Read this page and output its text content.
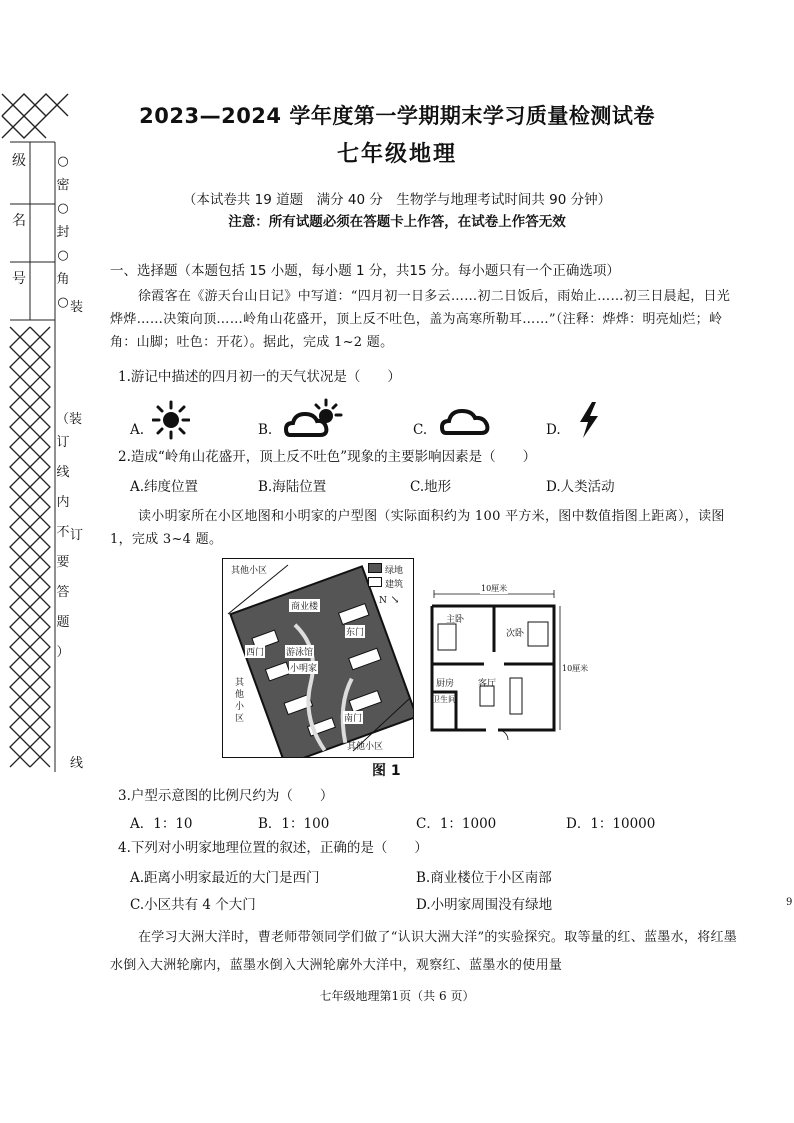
级
名
号
○
密
○
封
○
角
○
（装
订
线
内
不
要
答
题
）
装
订
线
2023—2024 学年度第一学期期末学习质量检测试卷
七年级地理
（本试卷共 19 道题　满分 40 分　生物学与地理考试时间共 90 分钟）
注意：所有试题必须在答题卡上作答，在试卷上作答无效
一、选择题（本题包括 15 小题，每小题 1 分，共15 分。每小题只有一个正确选项）
徐霞客在《游天台山日记》中写道：“四月初一日多云……初二日饭后，雨始止……初三日晨起，日光烨烨……决策向顶……岭角山花盛开，顶上反不吐色，盖为高寒所勒耳……”（注释：烨烨：明亮灿烂；岭角：山脚；吐色：开花）。据此，完成 1~2 题。
1.游记中描述的四月初一的天气状况是（　　）
A.	B.	C.	D.
2.造成“岭角山花盛开，顶上反不吐色”现象的主要影响因素是（　　）
A.纬度位置	B.海陆位置	C.地形	D.人类活动
读小明家所在小区地图和小明家的户型图（实际面积约为 100 平方米，图中数值指图上距离），读图 1，完成 3~4 题。
其他小区
其
他
小
区
其他小区
绿地
建筑
N ↘
商业楼
东门
西门 游泳馆
小明家
南门
10厘米
10厘米
主卧
次卧
厨房	客厅
卫生间
图 1
3.户型示意图的比例尺约为（　　）
A．1：10	B．1：100	C．1：1000	D．1：10000
4.下列对小明家地理位置的叙述，正确的是（　　）
A.距离小明家最近的大门是西门	B.商业楼位于小区南部
C.小区共有 4 个大门	D.小明家周围没有绿地
在学习大洲大洋时，曹老师带领同学们做了“认识大洲大洋”的实验探究。取等量的红、蓝墨水，将红墨水倒入大洲轮廓内，蓝墨水倒入大洲轮廓外大洋中，观察红、蓝墨水的使用量
七年级地理第1页（共 6 页）
9
